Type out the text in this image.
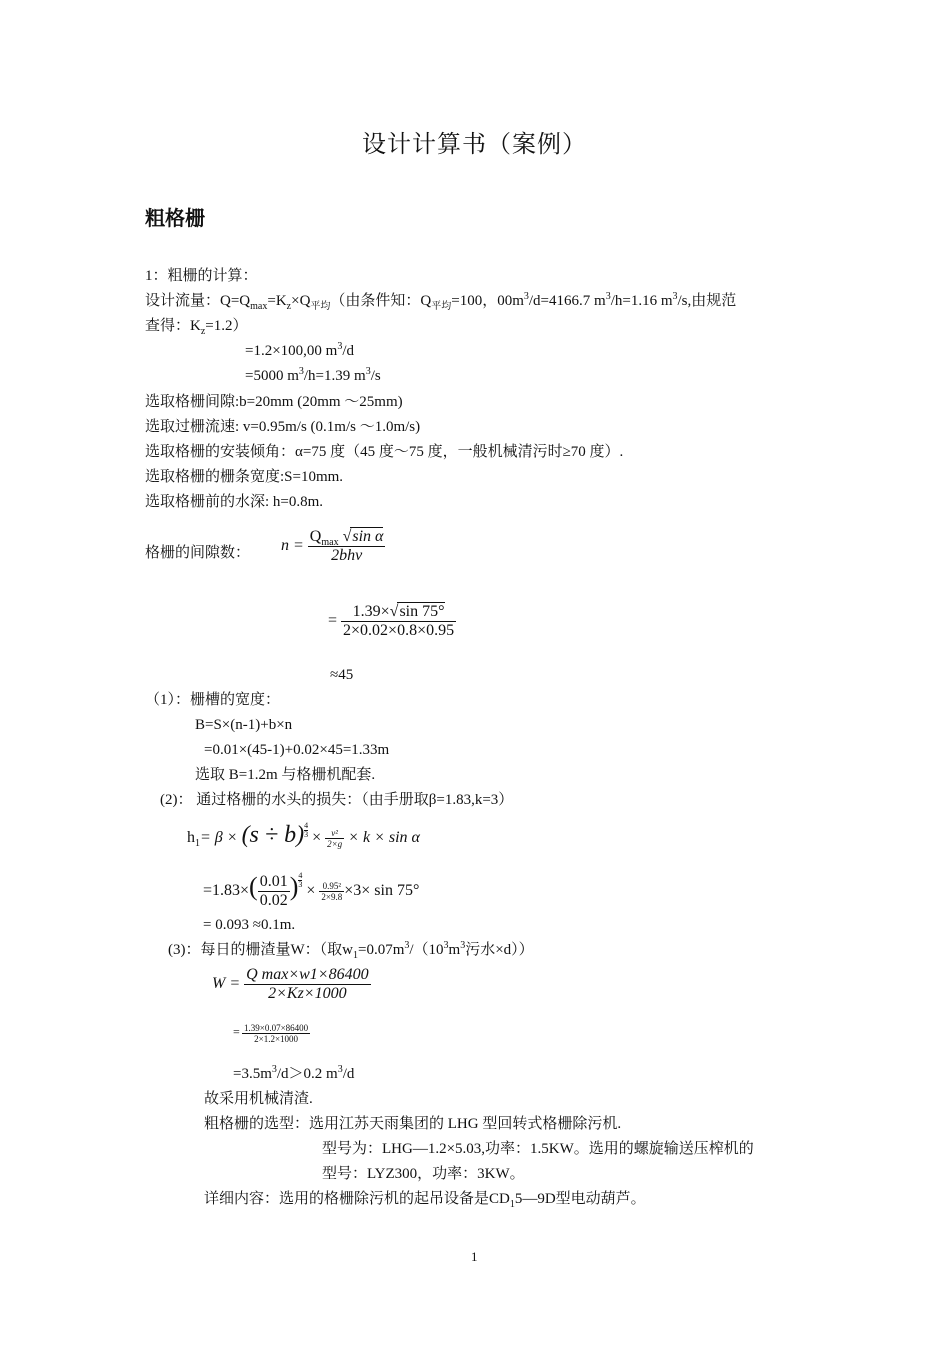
设计计算书（案例）
粗格栅
1：粗栅的计算：
设计流量：$Q=Q_{max}=K_z\times Q_{平均}$（由条件知：$Q_{平均}=100$，$00m^3/d=4166.7$ $m^3/h=1.16$ $m^3/s$,由规范
查得：$K_z=1.2$）
=1.2×100,00 $m^3/d$
=5000 $m^3/h=1.39$ $m^3/s$
选取格栅间隙:b=20mm (20mm ～25mm)
选取过栅流速: v=0.95m/s (0.1m/s ～1.0m/s)
选取格栅的安装倾角：α=75 度（45 度～75 度，一般机械清污时≥70 度）.
选取格栅的栅条宽度:S=10mm.
选取格栅前的水深: h=0.8m.
格栅的间隙数： $n = \frac{Q_{max} √\sin \alpha}{\text{2bhv}}$
= $\frac{1.39\times√\sin 75^\circ}{2\times 0.02\times 0.8\times 0.95}$
≈45
（1）：栅槽的宽度：
B=S×(n-1)+b×n
=0.01×(45-1)+0.02×45=1.33m
选取 B=1.2m 与格栅机配套.
(2)： 通过格栅的水头的损失：（由手册取β=1.83,k=3）
$h_1= \beta \times (s \div b) ^{\frac{4}{3}} \times \frac{\text{v²}}{2\times g} \times k \times \sin \alpha$
$=1.83\times( \frac{0.01}{0.02}$ ) $^{\frac{4}{3}}$
× $\frac{\text{0.95²}}{2\times 9.8} \times 3\times \sin 75^\circ$
= 0.093 ≈0.1m.
(3)：每日的栅渣量W：（取$w_1=0.07m^3/(10^3m^3$污水×d））
$W = \frac{\text{Q max×w1×86400}}{2\times Kz\times 1000}$
= $\frac{1.39\times 0.07\times 86400}{2\times 1.2\times 1000}$
$=3.5m^3/d>0.2$ $m^3/d$
故采用机械清渣.
粗格栅的选型：选用江苏天雨集团的 LHG 型回转式格栅除污机.
型号为：LHG—1.2×5.03,功率：1.5KW。选用的螺旋输送压榨机的
型号：LYZ300，功率：3KW。
详细内容：选用的格栅除污机的起吊设备是$CD_15—9D$型电动葫芦。
1
